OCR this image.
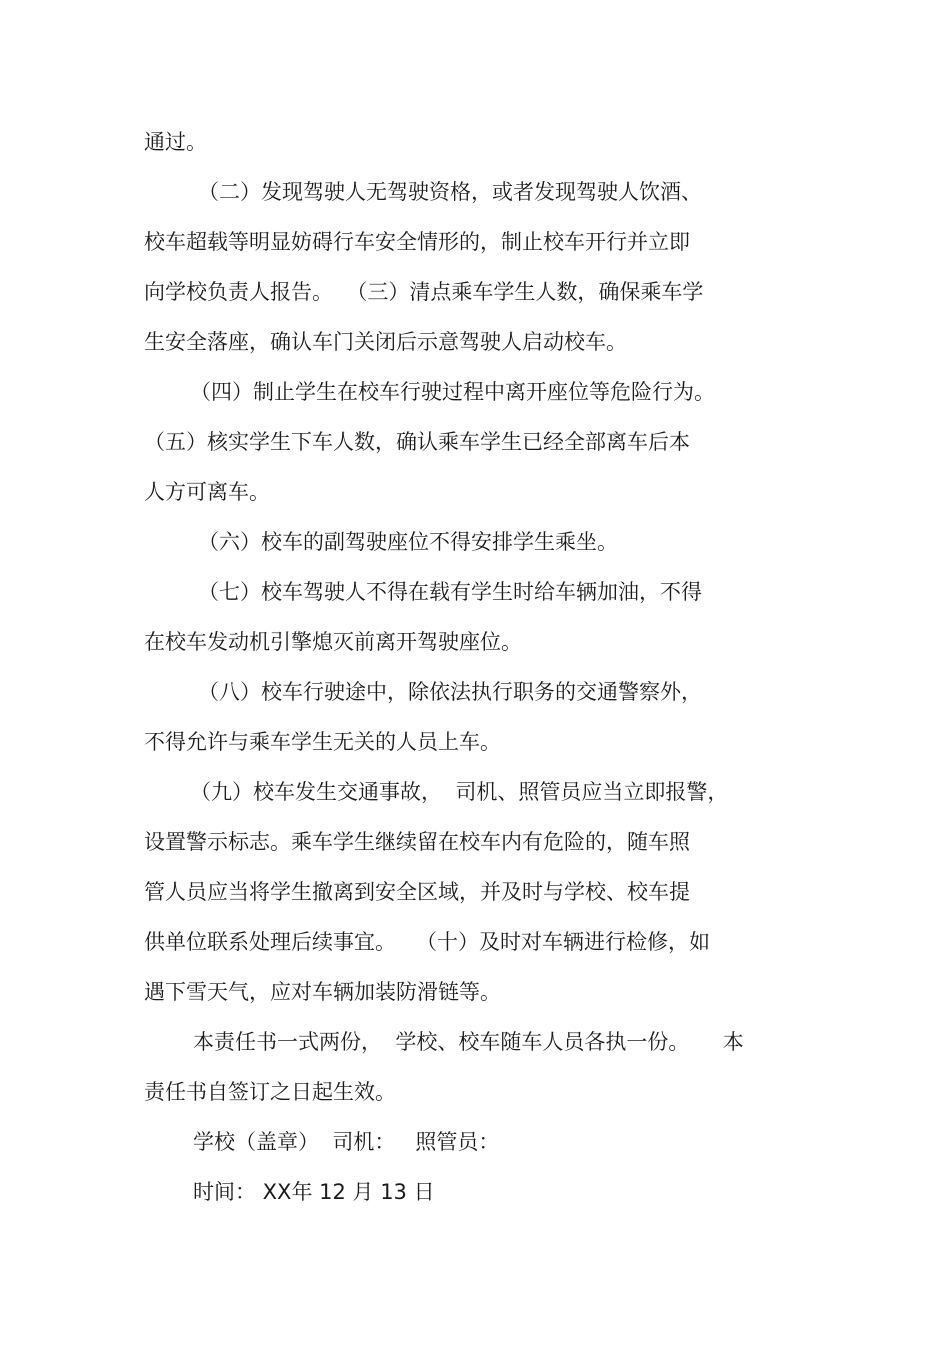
通过。

（二）发现驾驶人无驾驶资格，或者发现驾驶人饮酒、

校车超载等明显妨碍行车安全情形的，制止校车开行并立即

向学校负责人报告。  （三）清点乘车学生人数，确保乘车学

生安全落座，确认车门关闭后示意驾驶人启动校车。

（四）制止学生在校车行驶过程中离开座位等危险行为。

（五）核实学生下车人数，确认乘车学生已经全部离车后本

人方可离车。

（六）校车的副驾驶座位不得安排学生乘坐。

（七）校车驾驶人不得在载有学生时给车辆加油，不得

在校车发动机引擎熄灭前离开驾驶座位。

（八）校车行驶途中，除依法执行职务的交通警察外，

不得允许与乘车学生无关的人员上车。

（九）校车发生交通事故，  司机、照管员应当立即报警，

设置警示标志。乘车学生继续留在校车内有危险的，随车照

管人员应当将学生撤离到安全区域，并及时与学校、校车提

供单位联系处理后续事宜。   （十）及时对车辆进行检修，如

遇下雪天气，应对车辆加装防滑链等。

本责任书一式两份，  学校、校车随车人员各执一份。     本

责任书自签订之日起生效。

学校（盖章）  司机：   照管员：

时间： XX年 12 月 13 日
